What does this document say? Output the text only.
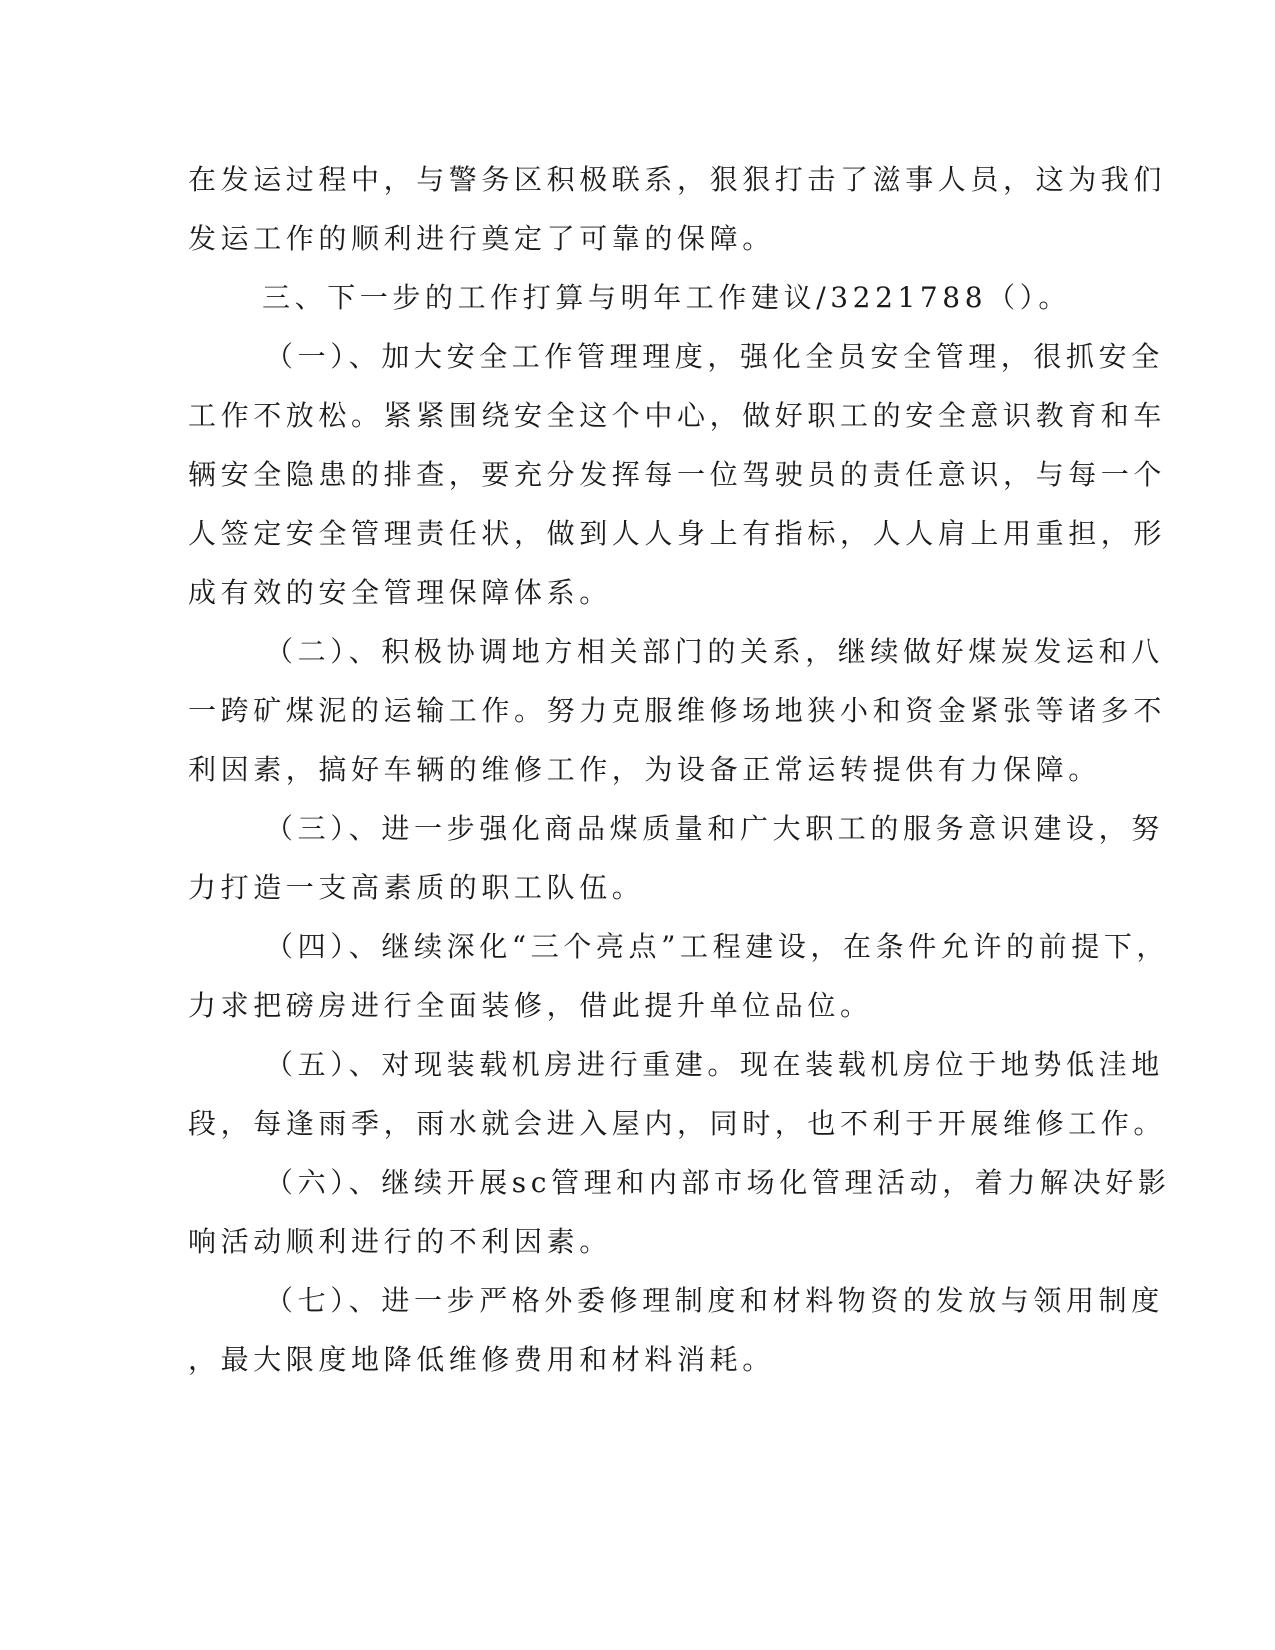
在发运过程中，与警务区积极联系，狠狠打击了滋事人员，这为我们
发运工作的顺利进行奠定了可靠的保障。
三、下一步的工作打算与明年工作建议/3221788（）。
（一）、加大安全工作管理理度，强化全员安全管理，很抓安全
工作不放松。紧紧围绕安全这个中心，做好职工的安全意识教育和车
辆安全隐患的排查，要充分发挥每一位驾驶员的责任意识，与每一个
人签定安全管理责任状，做到人人身上有指标，人人肩上用重担，形
成有效的安全管理保障体系。
（二）、积极协调地方相关部门的关系，继续做好煤炭发运和八
一跨矿煤泥的运输工作。努力克服维修场地狭小和资金紧张等诸多不
利因素，搞好车辆的维修工作，为设备正常运转提供有力保障。
（三）、进一步强化商品煤质量和广大职工的服务意识建设，努
力打造一支高素质的职工队伍。
（四）、继续深化“三个亮点”工程建设，在条件允许的前提下，
力求把磅房进行全面装修，借此提升单位品位。
（五）、对现装载机房进行重建。现在装载机房位于地势低洼地
段，每逢雨季，雨水就会进入屋内，同时，也不利于开展维修工作。
（六）、继续开展sc管理和内部市场化管理活动，着力解决好影
响活动顺利进行的不利因素。
（七）、进一步严格外委修理制度和材料物资的发放与领用制度
，最大限度地降低维修费用和材料消耗。
